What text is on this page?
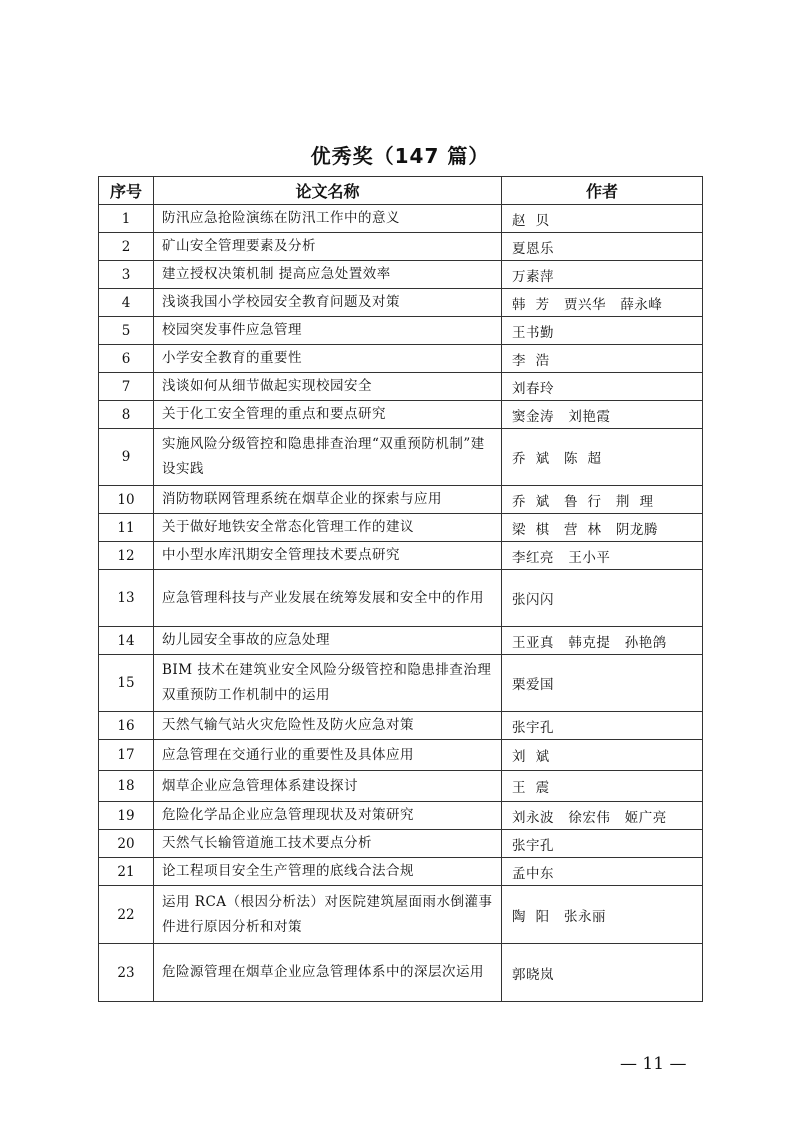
优秀奖（147 篇）
序号	论文名称	作者
1	防汛应急抢险演练在防汛工作中的意义	赵  贝
2	矿山安全管理要素及分析	夏恩乐
3	建立授权决策机制 提高应急处置效率	万素萍
4	浅谈我国小学校园安全教育问题及对策	韩  芳   贾兴华   薛永峰
5	校园突发事件应急管理	王书勤
6	小学安全教育的重要性	李  浩
7	浅谈如何从细节做起实现校园安全	刘春玲
8	关于化工安全管理的重点和要点研究	窦金涛   刘艳霞
9	实施风险分级管控和隐患排查治理“双重预防机制”建设实践	乔  斌   陈  超
10	消防物联网管理系统在烟草企业的探索与应用	乔  斌   鲁  行   荆  理
11	关于做好地铁安全常态化管理工作的建议	梁  棋   营  林   阴龙腾
12	中小型水库汛期安全管理技术要点研究	李红亮   王小平
13	应急管理科技与产业发展在统筹发展和安全中的作用	张闪闪
14	幼儿园安全事故的应急处理	王亚真   韩克提   孙艳鸽
15	BIM 技术在建筑业安全风险分级管控和隐患排查治理双重预防工作机制中的运用	栗爱国
16	天然气输气站火灾危险性及防火应急对策	张宇孔
17	应急管理在交通行业的重要性及具体应用	刘  斌
18	烟草企业应急管理体系建设探讨	王  震
19	危险化学品企业应急管理现状及对策研究	刘永波   徐宏伟   姬广亮
20	天然气长输管道施工技术要点分析	张宇孔
21	论工程项目安全生产管理的底线合法合规	孟中东
22	运用 RCA（根因分析法）对医院建筑屋面雨水倒灌事件进行原因分析和对策	陶  阳   张永丽
23	危险源管理在烟草企业应急管理体系中的深层次运用	郭晓岚
— 11 —
